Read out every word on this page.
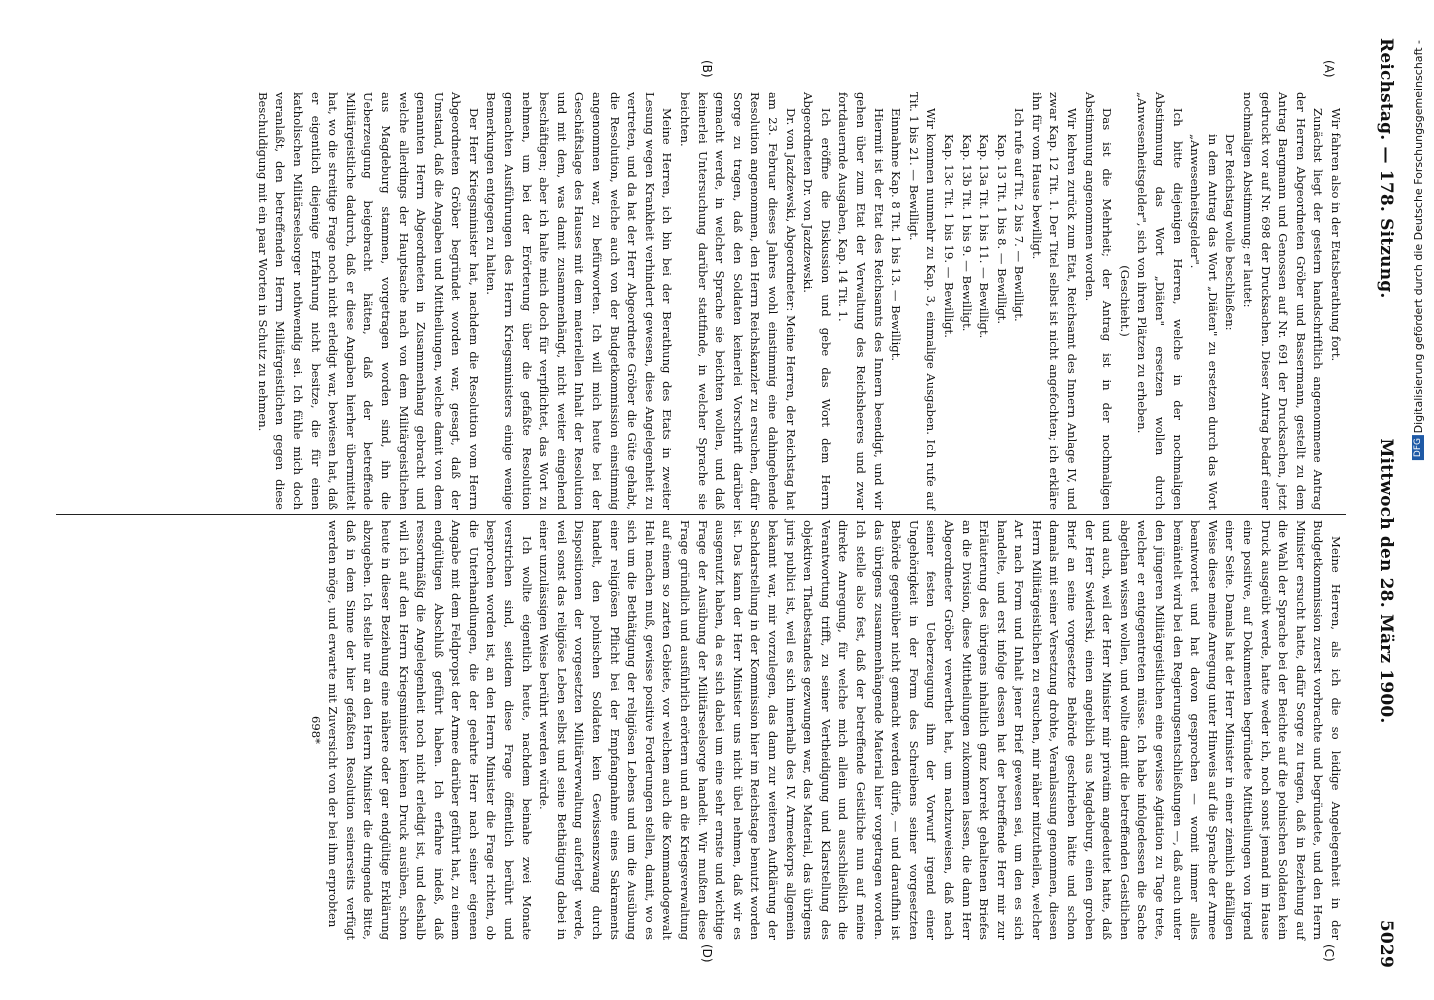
Reichstag. — 178. Sitzung.
Mittwoch den 28. März 1900.
5029
(A)
(B)
(C)
(D)

Wir fahren also in der Etatsberathung fort.

Zunächst liegt der gestern handschriftlich angenommene Antrag der Herren Abgeordneten Gröber und Bassermann, gestellt zu dem Antrag Bargmann und Genossen auf Nr. 691 der Drucksachen, jetzt gedruckt vor auf Nr. 698 der Drucksachen. Dieser Antrag bedarf einer nochmaligen Abstimmung; er lautet:

Der Reichstag wolle beschließen:

in dem Antrag das Wort „Diäten" zu ersetzen durch das Wort „Anwesenheitsgelder".

Ich bitte diejenigen Herren, welche in der nochmaligen Abstimmung das Wort „Diäten" ersetzen wollen durch „Anwesenheitsgelder", sich von ihren Plätzen zu erheben.

(Geschieht.)

Das ist die Mehrheit; der Antrag ist in der nochmaligen Abstimmung angenommen worden.

Wir kehren zurück zum Etat, Reichsamt des Innern Anlage IV, und zwar Kap. 12 Tit. 1. Der Titel selbst ist nicht angefochten; ich erkläre ihn für vom Hause bewilligt.

Ich rufe auf Tit. 2 bis 7. — Bewilligt.

Kap. 13 Tit. 1 bis 8. — Bewilligt.

Kap. 13a Tit. 1 bis 11. — Bewilligt.

Kap. 13b Tit. 1 bis 9. — Bewilligt.

Kap. 13c Tit. 1 bis 19. — Bewilligt.

Wir kommen nunmehr zu Kap. 3, einmalige Ausgaben. Ich rufe auf Tit. 1 bis 21. — Bewilligt.

Einnahme Kap. 8 Tit. 1 bis 13. — Bewilligt.

Hiermit ist der Etat des Reichsamts des Innern beendigt, und wir gehen über zum Etat der Verwaltung des Reichsheeres und zwar fortdauernde Ausgaben, Kap. 14 Tit. 1.

Ich eröffne die Diskussion und gebe das Wort dem Herrn Abgeordneten Dr. von Jazdzewski.

Dr. von Jazdzewski, Abgeordneter: Meine Herren, der Reichstag hat am 23. Februar dieses Jahres wohl einstimmig eine dahingehende Resolution angenommen, den Herrn Reichskanzler zu ersuchen, dafür Sorge zu tragen, daß den Soldaten keinerlei Vorschrift darüber gemacht werde, in welcher Sprache sie beichten wollen, und daß keinerlei Untersuchung darüber stattfinde, in welcher Sprache sie beichten.

Meine Herren, ich bin bei der Berathung des Etats in zweiter Lesung wegen Krankheit verhindert gewesen, diese Angelegenheit zu vertreten, und da hat der Herr Abgeordnete Gröber die Güte gehabt, die Resolution, welche auch von der Budgetkommission einstimmig angenommen war, zu befürworten. Ich will mich heute bei der Geschäftslage des Hauses mit dem materiellen Inhalt der Resolution und mit dem, was damit zusammenhängt, nicht weiter eingehend beschäftigen; aber ich halte mich doch für verpflichtet, das Wort zu nehmen, um bei der Erörterung über die gefaßte Resolution gemachten Ausführungen des Herrn Kriegsministers einige wenige Bemerkungen entgegen zu halten.

Der Herr Kriegsminister hat, nachdem die Resolution vom Herrn Abgeordneten Gröber begründet worden war, gesagt, daß der Umstand, daß die Angaben und Mittheilungen, welche damit von dem genannten Herrn Abgeordneten in Zusammenhang gebracht und welche allerdings der Hauptsache nach von dem Militärgeistlichen aus Magdeburg stammen, vorgetragen worden sind, ihn die Ueberzeugung beigebracht hätten, daß der betreffende Militärgeistliche dadurch, daß er diese Angaben hierher übermittelt hat, wo die streitige Frage noch nicht erledigt war, bewiesen hat, daß er eigentlich diejenige Erfahrung nicht besitze, die für einen katholischen Militärseelsorger nothwendig sei. Ich fühle mich doch veranlaßt, den betreffenden Herrn Militärgeistlichen gegen diese Beschuldigung mit ein paar Worten in Schutz zu nehmen.

Meine Herren, als ich die so leidige Angelegenheit in der Budgetkommission zuerst vorbrachte und begründete, und den Herrn Minister ersucht hatte, dafür Sorge zu tragen, daß in Beziehung auf die Wahl der Sprache bei der Beichte auf die polnischen Soldaten kein Druck ausgeübt werde, hatte weder ich, noch sonst jemand im Hause eine positive, auf Dokumenten begründete Mittheilungen von irgend einer Seite. Damals hat der Herr Minister in einer ziemlich abfälligen Weise diese meine Anregung unter Hinweis auf die Sprache der Armee beantwortet und hat davon gesprochen — womit immer alles bemäntelt wird bei den Regierungsentschließungen —, daß auch unter den jüngeren Militärgeistlichen eine gewisse Agitation zu Tage trete, welcher er entgegentreten müsse. Ich habe infolgedessen die Sache abgethan wissen wollen, und wollte damit die betreffenden Geistlichen und auch, weil der Herr Minister mir privatim angedeutet hatte, daß der Herr Swiderski, einen angeblich aus Magdeburg, einen groben Brief an seine vorgesetzte Behörde geschrieben hätte und schon damals mit seiner Versetzung drohte, Veranlassung genommen, diesen Herrn Militärgeistlichen zu ersuchen, mir näher mitzutheilen, welcher Art nach Form und Inhalt jener Brief gewesen sei, um den es sich handelte, und erst infolge dessen hat der betreffende Herr mir zur Erläuterung des übrigens inhaltlich ganz korrekt gehaltenen Briefes an die Division, diese Mittheilungen zukommen lassen, die dann Herr Abgeordneter Gröber verwerthet hat, um nachzuweisen, daß nach seiner festen Ueberzeugung ihm der Vorwurf irgend einer Ungehörigkeit in der Form des Schreibens seiner vorgesetzten Behörde gegenüber nicht gemacht werden dürfe, — und daraufhin ist das übrigens zusammenhängende Material hier vorgetragen worden. Ich stelle also fest, daß der betreffende Geistliche nun auf meine direkte Anregung, für welche mich allein und ausschließlich die Verantwortung trifft, zu seiner Vertheidigung und Klarstellung des objektiven Thatbestandes gezwungen war, das Material, das übrigens juris publici ist, weil es sich innerhalb des IV. Armeekorps allgemein bekannt war, mir vorzulegen, das dann zur weiteren Aufklärung der Sachdarstellung in der Kommission hier im Reichstage benutzt worden ist. Das kann der Herr Minister uns nicht übel nehmen, daß wir es ausgenutzt haben, da es sich dabei um eine sehr ernste und wichtige Frage der Ausübung der Militärseelsorge handelt. Wir mußten diese Frage gründlich und ausführlich erörtern und an die Kriegsverwaltung auf einem so zarten Gebiete, vor welchem auch die Kommandogewalt Halt machen muß, gewisse positive Forderungen stellen, damit, wo es sich um die Bethätigung der religiösen Lebens und um die Ausübung einer religiösen Pflicht bei der Empfangnahme eines Sakraments handelt, den polnischen Soldaten kein Gewissenszwang durch Dispositionen der vorgesetzten Militärverwaltung auferlegt werde, weil sonst das religiöse Leben selbst und seine Bethätigung dabei in einer unzulässigen Weise berührt werden würde.

Ich wollte eigentlich heute, nachdem beinahe zwei Monate verstrichen sind, seitdem diese Frage öffentlich berührt und besprochen worden ist, an den Herrn Minister die Frage richten, ob die Unterhandlungen, die der geehrte Herr nach seiner eigenen Angabe mit dem Feldpropst der Armee darüber geführt hat, zu einem endgültigen Abschluß geführt haben. Ich erfahre indeß, daß ressortmäßig die Angelegenheit noch nicht erledigt ist, und deshalb will ich auf den Herrn Kriegsminister keinen Druck ausüben, schon heute in dieser Beziehung eine nähere oder gar endgültige Erklärung abzugeben. Ich stelle nur an den Herrn Minister die dringende Bitte, daß in dem Sinne der hier gefaßten Resolution seinerseits verfügt werden möge, und erwarte mit Zuversicht von der bei ihm erprobten

698*

Digitalisierung gefördert durch die Deutsche Forschungsgemeinschaft -
DFG
